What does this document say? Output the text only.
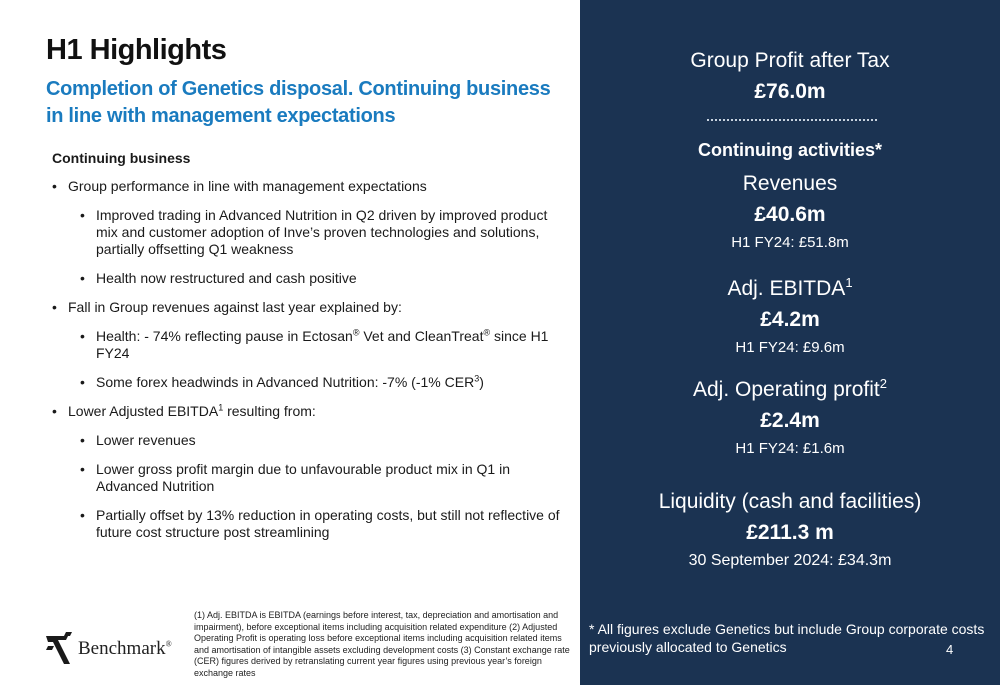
H1 Highlights
Completion of Genetics disposal. Continuing business in line with management expectations
Continuing business
• Group performance in line with management expectations
• Improved trading in Advanced Nutrition in Q2 driven by improved product mix and customer adoption of Inve’s proven technologies and solutions, partially offsetting Q1 weakness
• Health now restructured and cash positive
• Fall in Group revenues against last year explained by:
• Health: - 74% reflecting pause in Ectosan® Vet and CleanTreat® since H1 FY24
• Some forex headwinds in Advanced Nutrition: -7% (-1% CER$^3$)
• Lower Adjusted EBITDA$^1$ resulting from:
• Lower revenues
• Lower gross profit margin due to unfavourable product mix in Q1 in Advanced Nutrition
• Partially offset by 13% reduction in operating costs, but still not reflective of future cost structure post streamlining
Benchmark®
(1) Adj. EBITDA is EBITDA (earnings before interest, tax, depreciation and amortisation and impairment), before exceptional items including acquisition related expenditure (2) Adjusted Operating Profit is operating loss before exceptional items including acquisition related items and amortisation of intangible assets excluding development costs (3) Constant exchange rate (CER) figures derived by retranslating current year figures using previous year’s foreign exchange rates
Group Profit after Tax
£76.0m
Continuing activities*
Revenues
£40.6m
H1 FY24: £51.8m
Adj. EBITDA$^1$
£4.2m
H1 FY24: £9.6m
Adj. Operating profit$^2$
£2.4m
H1 FY24: £1.6m
Liquidity (cash and facilities)
£211.3 m
30 September 2024: £34.3m
* All figures exclude Genetics but include Group corporate costs previously allocated to Genetics	4
